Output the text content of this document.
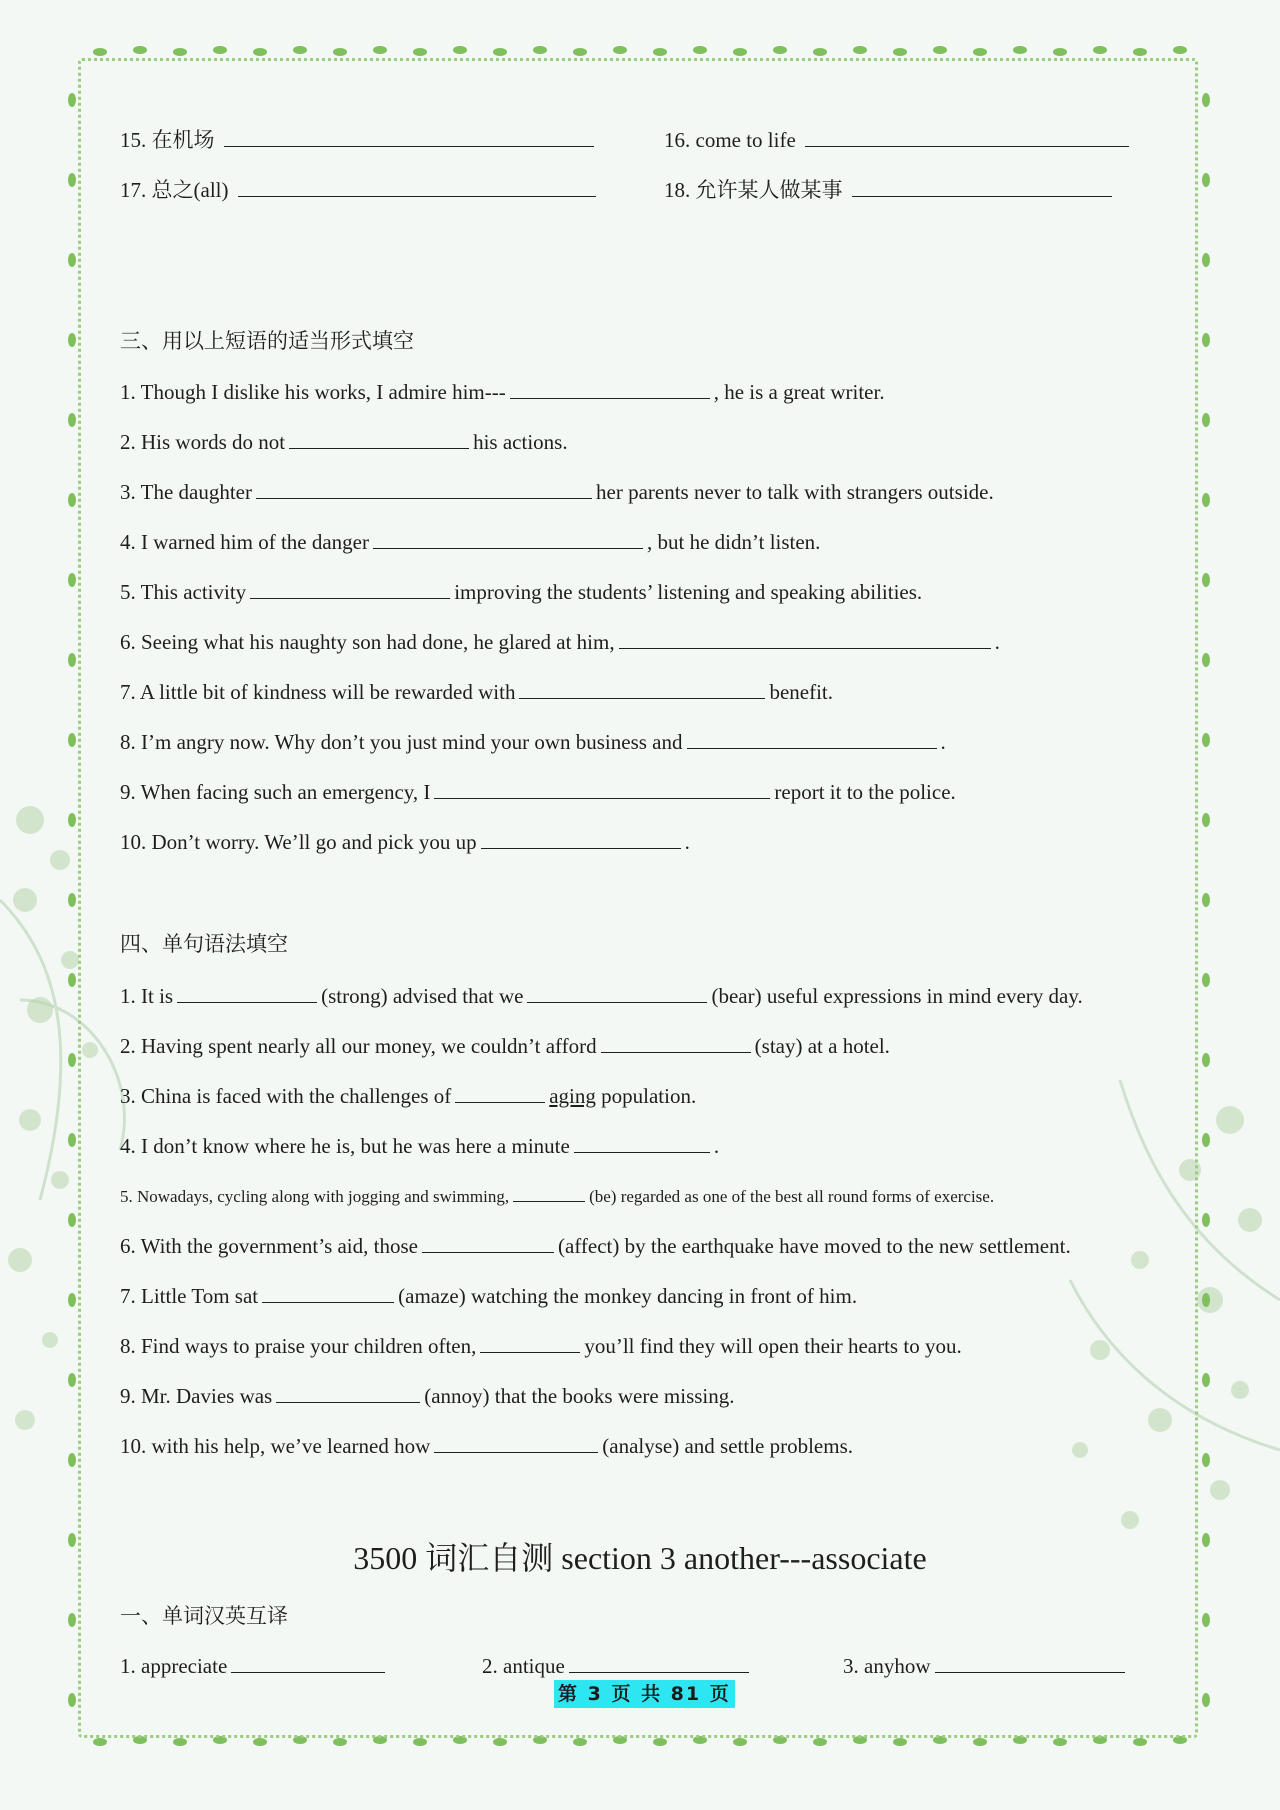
15. 在机场	16. come to life
17. 总之(all)	18. 允许某人做某事
三、用以上短语的适当形式填空
1. Though I dislike his works, I admire him---	, he is a great writer.
2. His words do not	his actions.
3. The daughter	her parents never to talk with strangers outside.
4. I warned him of the danger	, but he didn’t listen.
5. This activity	improving the students’ listening and speaking abilities.
6. Seeing what his naughty son had done, he glared at him,	.
7. A little bit of kindness will be rewarded with	benefit.
8. I’m angry now. Why don’t you just mind your own business and	.
9. When facing such an emergency, I	report it to the police.
10. Don’t worry. We’ll go and pick you up	.
四、单句语法填空
1. It is	(strong) advised that we	(bear) useful expressions in mind every day.
2. Having spent nearly all our money, we couldn’t afford	(stay) at a hotel.
3. China is faced with the challenges of	aging population.
4. I don’t know where he is, but he was here a minute	.
5. Nowadays, cycling along with jogging and swimming,	(be) regarded as one of the best all round forms of exercise.
6. With the government’s aid, those	(affect) by the earthquake have moved to the new settlement.
7. Little Tom sat	(amaze) watching the monkey dancing in front of him.
8. Find ways to praise your children often,	you’ll find they will open their hearts to you.
9. Mr. Davies was	(annoy) that the books were missing.
10. with his help, we’ve learned how	(analyse) and settle problems.
3500 词汇自测 section 3 another---associate
一、单词汉英互译
1. appreciate	2. antique	3. anyhow
第 3 页 共 81 页
